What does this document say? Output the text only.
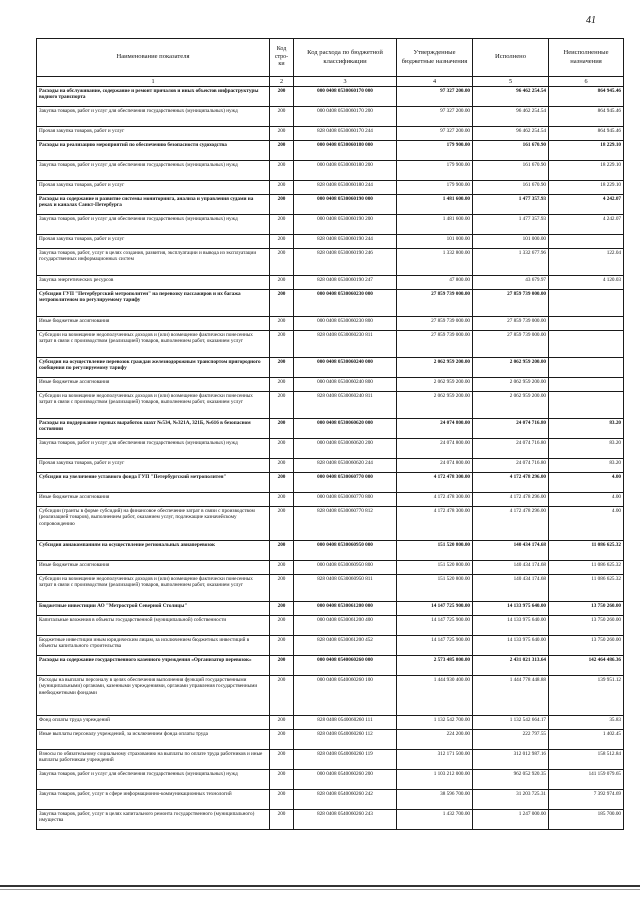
41
Наименование показателя	Код стро-ки	Код расхода по бюджетной классификации	Утвержденные бюджетные назначения	Исполнено	Неисполненные назначения
1	2	3	4	5	6
Расходы на обслуживание, содержание и ремонт причалов и иных объектов инфраструктуры водного транспорта	200	000 0408 0530060170 000	97 327 200.00	96 462 254.54	864 945.46
Закупка товаров, работ и услуг для обеспечения государственных (муниципальных) нужд	200	000 0408 0530060170 200	97 327 200.00	96 462 254.54	864 945.46
Прочая закупка товаров, работ и услуг	200	828 0408 0530060170 244	97 327 200.00	96 462 254.54	864 945.46
Расходы на реализацию мероприятий по обеспечению безопасности судоходства	200	000 0408 0530060180 000	179 900.00	161 670.90	18 229.10
Закупка товаров, работ и услуг для обеспечения государственных (муниципальных) нужд	200	000 0408 0530060180 200	179 900.00	161 670.90	18 229.10
Прочая закупка товаров, работ и услуг	200	828 0408 0530060180 244	179 900.00	161 670.90	18 229.10
Расходы на содержание и развитие системы мониторинга, анализа и управления судами на реках и каналах Санкт-Петербурга	200	000 0408 0530060190 000	1 481 600.00	1 477 357.93	4 242.07
Закупка товаров, работ и услуг для обеспечения государственных (муниципальных) нужд	200	000 0408 0530060190 200	1 481 600.00	1 477 357.93	4 242.07
Прочая закупка товаров, работ и услуг	200	828 0408 0530060190 244	101 000.00	101 000.00	
Закупка товаров, работ, услуг в целях создания, развития, эксплуатации и вывода из эксплуатации государственных информационных систем	200	828 0408 0530060190 246	1 332 800.00	1 332 677.96	122.04
Закупка энергетических ресурсов	200	828 0408 0530060190 247	47 800.00	43 679.97	4 120.03
Субсидия ГУП "Петербургский метрополитен" на перевозку пассажиров и их багажа метрополитеном по регулируемому тарифу	200	000 0408 0530060230 000	27 859 739 000.00	27 859 739 000.00	
Иные бюджетные ассигнования	200	000 0408 0530060230 800	27 859 739 000.00	27 859 739 000.00	
Субсидии на возмещение недополученных доходов и (или) возмещение фактически понесенных затрат в связи с производством (реализацией) товаров, выполнением работ, оказанием услуг	200	828 0408 0530060230 811	27 859 739 000.00	27 859 739 000.00	
Субсидия на осуществление перевозок граждан железнодорожным транспортом пригородного сообщения по регулируемому тарифу	200	000 0408 0530060240 000	2 062 959 200.00	2 062 959 200.00	
Иные бюджетные ассигнования	200	000 0408 0530060240 800	2 062 959 200.00	2 062 959 200.00	
Субсидии на возмещение недополученных доходов и (или) возмещение фактически понесенных затрат в связи с производством (реализацией) товаров, выполнением работ, оказанием услуг	200	828 0408 0530060240 811	2 062 959 200.00	2 062 959 200.00	
Расходы на поддержание горных выработок шахт №534, №321А, 321Б, №616 в безопасном состоянии	200	000 0408 0530060620 000	24 074 800.00	24 074 716.80	83.20
Закупка товаров, работ и услуг для обеспечения государственных (муниципальных) нужд	200	000 0408 0530060620 200	24 074 800.00	24 074 716.80	83.20
Прочая закупка товаров, работ и услуг	200	828 0408 0530060620 244	24 074 800.00	24 074 716.80	83.20
Субсидия на увеличение уставного фонда ГУП "Петербургский метрополитен"	200	000 0408 0530060770 000	4 172 478 300.00	4 172 478 296.00	4.00
Иные бюджетные ассигнования	200	000 0408 0530060770 800	4 172 478 300.00	4 172 478 296.00	4.00
Субсидии (гранты в форме субсидий) на финансовое обеспечение затрат в связи с производством (реализацией товаров), выполнением работ, оказанием услуг, подлежащие казначейскому сопровождению	200	828 0408 0530060770 812	4 172 478 300.00	4 172 478 296.00	4.00
Субсидия авиакомпаниям на осуществление региональных авиаперевозок	200	000 0408 0530060950 000	151 520 800.00	140 434 174.68	11 086 625.32
Иные бюджетные ассигнования	200	000 0408 0530060950 800	151 520 800.00	140 434 174.68	11 086 625.32
Субсидии на возмещение недополученных доходов и (или) возмещение фактически понесенных затрат в связи с производством (реализацией) товаров, выполнением работ, оказанием услуг	200	828 0408 0530060950 811	151 520 800.00	140 434 174.68	11 086 625.32
Бюджетные инвестиции АО "Метрострой Северной Столицы"	200	000 0408 0530061200 000	14 147 725 900.00	14 133 975 640.00	13 750 260.00
Капитальные вложения в объекты государственной (муниципальной) собственности	200	000 0408 0530061200 400	14 147 725 900.00	14 133 975 640.00	13 750 260.00
Бюджетные инвестиции иным юридическим лицам, за исключением бюджетных инвестиций в объекты капитального строительства	200	828 0408 0530061200 452	14 147 725 900.00	14 133 975 640.00	13 750 260.00
Расходы на содержание государственного казенного учреждения «Организатор перевозок»	200	000 0408 0540060260 000	2 573 485 800.00	2 431 021 313.64	142 464 486.36
Расходы на выплаты персоналу в целях обеспечения выполнения функций государственными (муниципальными) органами, казенными учреждениями, органами управления государственными внебюджетными фондами	200	000 0408 0540060260 100	1 444 930 400.00	1 444 778 448.88	139 951.12
Фонд оплаты труда учреждений	200	828 0408 0540060260 111	1 132 542 700.00	1 132 542 664.17	35.83
Иные выплаты персоналу учреждений, за исключением фонда оплаты труда	200	828 0408 0540060260 112	224 200.00	222 797.55	1 402.45
Взносы по обязательному социальному страхованию на выплаты по оплате труда работников и иные выплаты работникам учреждений	200	828 0408 0540060260 119	312 171 500.00	312 012 987.16	158 512.84
Закупка товаров, работ и услуг для обеспечения государственных (муниципальных) нужд	200	000 0408 0540060260 200	1 103 212 000.00	962 052 920.35	141 159 079.65
Закупка товаров, работ, услуг в сфере информационно-коммуникационных технологий	200	828 0408 0540060260 242	38 596 700.00	31 203 725.31	7 392 974.69
Закупка товаров, работ, услуг в целях капитального ремонта государственного (муниципального) имущества	200	828 0408 0540060260 243	1 432 700.00	1 247 000.00	185 700.00
